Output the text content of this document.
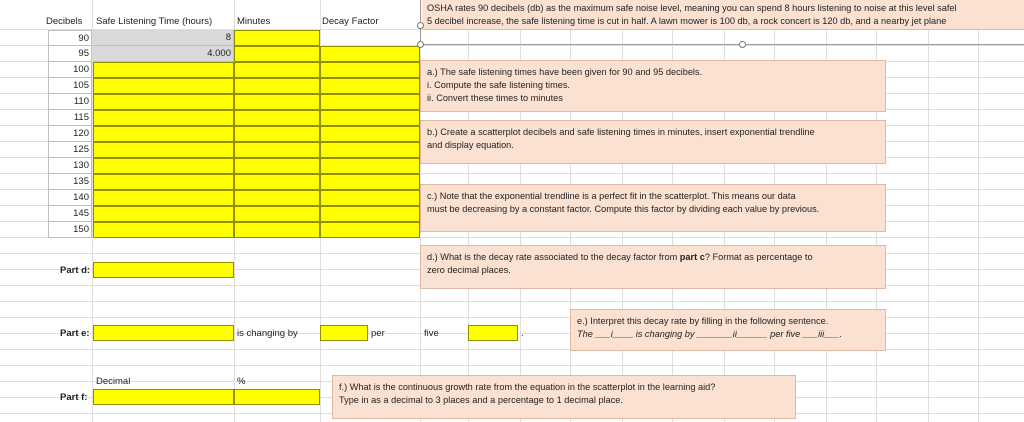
Decibels Safe Listening Time (hours)	Minutes	Decay Factor
90	8
95	4.000
100
105
110
115
120
125
130
135
140
145
150
Part d:
Part e:	is changing by	per	five	.
Decimal	%
Part f:
OSHA rates 90 decibels (db) as the maximum safe noise level, meaning you can spend 8 hours listening to noise at this level safel
5 decibel increase, the safe listening time is cut in half. A lawn mower is 100 db, a rock concert is 120 db, and a nearby jet plane

a.) The safe listening times have been given for 90 and 95 decibels.

i. Compute the safe listening times.

ii. Convert these times to minutes

b.) Create a scatterplot decibels and safe listening times in minutes, insert exponential trendline

and display equation.

c.) Note that the exponential trendline is a perfect fit in the scatterplot. This means our data

must be decreasing by a constant factor. Compute this factor by dividing each value by previous.

d.) What is the decay rate associated to the decay factor from part c? Format as percentage to

zero decimal places.

e.) Interpret this decay rate by filling in the following sentence.

The ___i____ is changing by _______ii______ per five ___iii___.

f.) What is the continuous growth rate from the equation in the scatterplot in the learning aid?

Type in as a decimal to 3 places and a percentage to 1 decimal place.
